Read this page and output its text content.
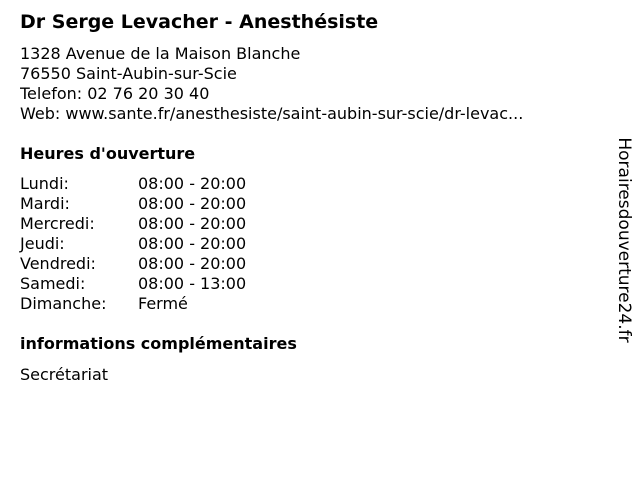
Dr Serge Levacher - Anesthésiste
1328 Avenue de la Maison Blanche
76550 Saint-Aubin-sur-Scie
Telefon: 02 76 20 30 40
Web: www.sante.fr/anesthesiste/saint-aubin-sur-scie/dr-levac...
Heures d'ouverture
Lundi:	08:00 - 20:00
Mardi:	08:00 - 20:00
Mercredi:	08:00 - 20:00
Jeudi:	08:00 - 20:00
Vendredi:	08:00 - 20:00
Samedi:	08:00 - 13:00
Dimanche: Fermé
informations complémentaires
Secrétariat
Horairesdouverture24.fr
